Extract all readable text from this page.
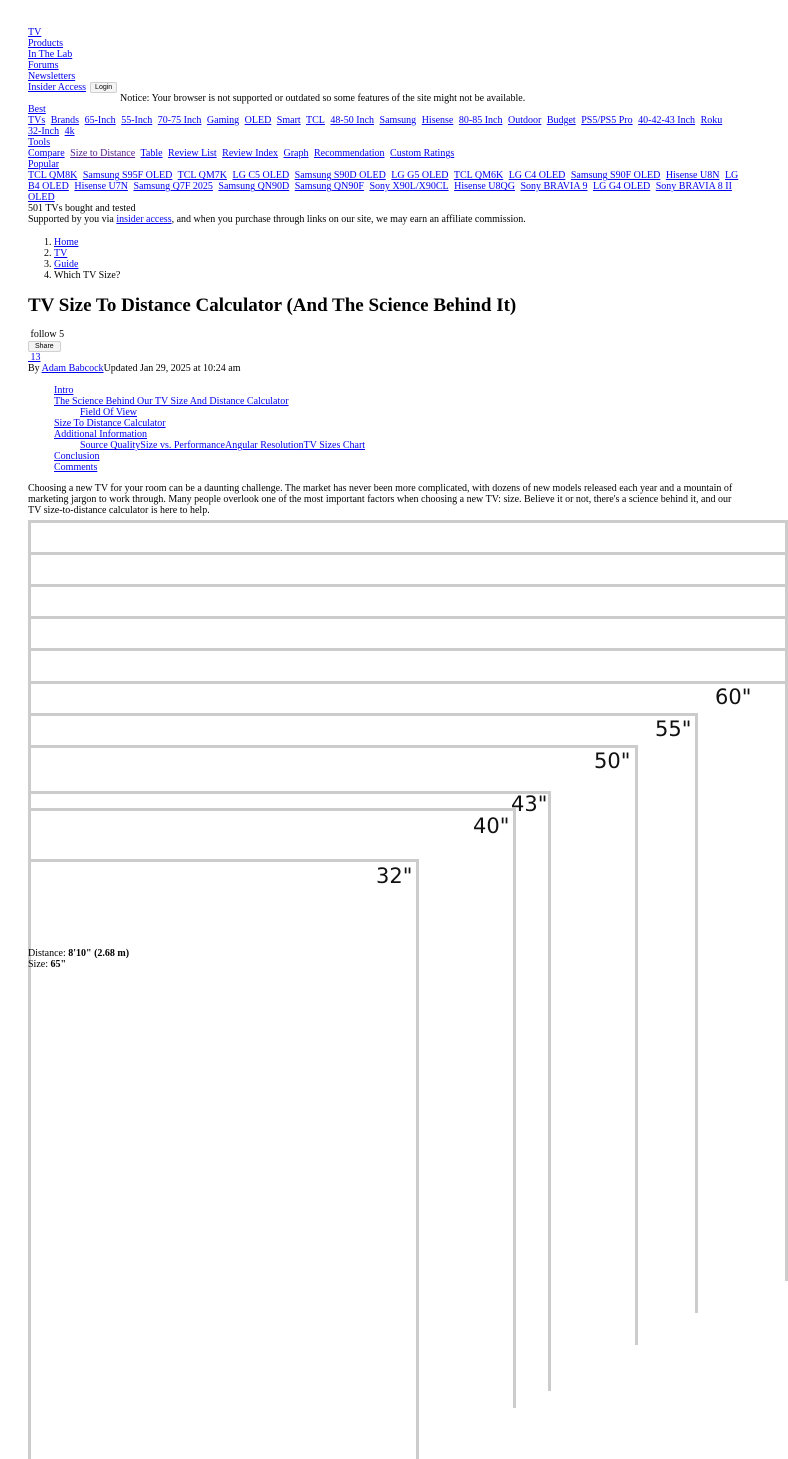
TV
Products
In The Lab
Forums
Newsletters
Insider Access Login
Notice: Your browser is not supported or outdated so some features of the site might not be available.
Best
TVs Brands 65-Inch 55-Inch 70-75 Inch Gaming OLED Smart TCL 48-50 Inch Samsung Hisense 80-85 Inch Outdoor Budget PS5/PS5 Pro 40-42-43 Inch Roku 32-Inch 4k
Tools
Compare Size to Distance Table Review List Review Index Graph Recommendation Custom Ratings
Popular
TCL QM8K Samsung S95F OLED TCL QM7K LG C5 OLED Samsung S90D OLED LG G5 OLED TCL QM6K LG C4 OLED Samsung S90F OLED Hisense U8N LG B4 OLED Hisense U7N Samsung Q7F 2025 Samsung QN90D Samsung QN90F Sony X90L/X90CL Hisense U8QG Sony BRAVIA 9 LG G4 OLED Sony BRAVIA 8 II OLED
501 TVs bought and tested
Supported by you via insider access, and when you purchase through links on our site, we may earn an affiliate commission.
1. Home
2. TV
3. Guide
4. Which TV Size?
TV Size To Distance Calculator (And The Science Behind It)
follow 5
Share
13
By Adam BabcockUpdated Jan 29, 2025 at 10:24 am
Intro
The Science Behind Our TV Size And Distance Calculator
Field Of View
Size To Distance Calculator
Additional Information
Source QualitySize vs. PerformanceAngular ResolutionTV Sizes Chart
Conclusion
Comments

Choosing a new TV for your room can be a daunting challenge. The market has never been more complicated, with dozens of new models released each year and a mountain of marketing jargon to work through. Many people overlook one of the most important factors when choosing a new TV: size. Believe it or not, there's a science behind it, and our TV size-to-distance calculator is here to help.

60"
55"
50"
43"
40"
32"
Distance: 8'10" (2.68 m)
Size: 65"
